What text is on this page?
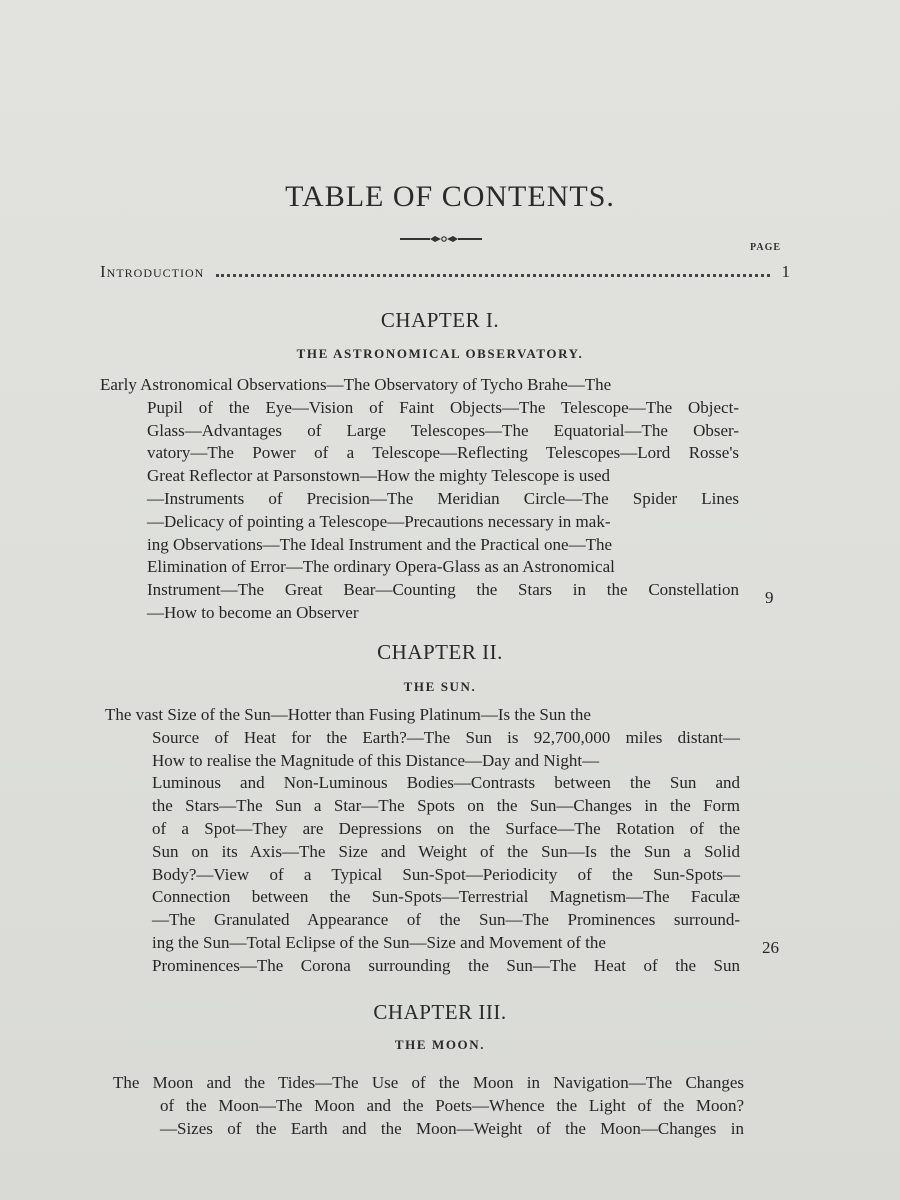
TABLE OF CONTENTS.
PAGE
Introduction	1
CHAPTER I.
THE ASTRONOMICAL OBSERVATORY.
Early Astronomical Observations—The Observatory of Tycho Brahe—The
Pupil of the Eye—Vision of Faint Objects—The Telescope—The Object-
Glass—Advantages of Large Telescopes—The Equatorial—The Obser-
vatory—The Power of a Telescope—Reflecting Telescopes—Lord Rosse's
Great Reflector at Parsonstown—How the mighty Telescope is used
—Instruments of Precision—The Meridian Circle—The Spider Lines
—Delicacy of pointing a Telescope—Precautions necessary in mak-
ing Observations—The Ideal Instrument and the Practical one—The
Elimination of Error—The ordinary Opera-Glass as an Astronomical
Instrument—The Great Bear—Counting the Stars in the Constellation
—How to become an Observer
9
CHAPTER II.
THE SUN.
The vast Size of the Sun—Hotter than Fusing Platinum—Is the Sun the
Source of Heat for the Earth?—The Sun is 92,700,000 miles distant—
How to realise the Magnitude of this Distance—Day and Night—
Luminous and Non-Luminous Bodies—Contrasts between the Sun and
the Stars—The Sun a Star—The Spots on the Sun—Changes in the Form
of a Spot—They are Depressions on the Surface—The Rotation of the
Sun on its Axis—The Size and Weight of the Sun—Is the Sun a Solid
Body?—View of a Typical Sun-Spot—Periodicity of the Sun-Spots—
Connection between the Sun-Spots—Terrestrial Magnetism—The Faculæ
—The Granulated Appearance of the Sun—The Prominences surround-
ing the Sun—Total Eclipse of the Sun—Size and Movement of the
Prominences—The Corona surrounding the Sun—The Heat of the Sun
26
CHAPTER III.
THE MOON.
The Moon and the Tides—The Use of the Moon in Navigation—The Changes
of the Moon—The Moon and the Poets—Whence the Light of the Moon?
—Sizes of the Earth and the Moon—Weight of the Moon—Changes in
